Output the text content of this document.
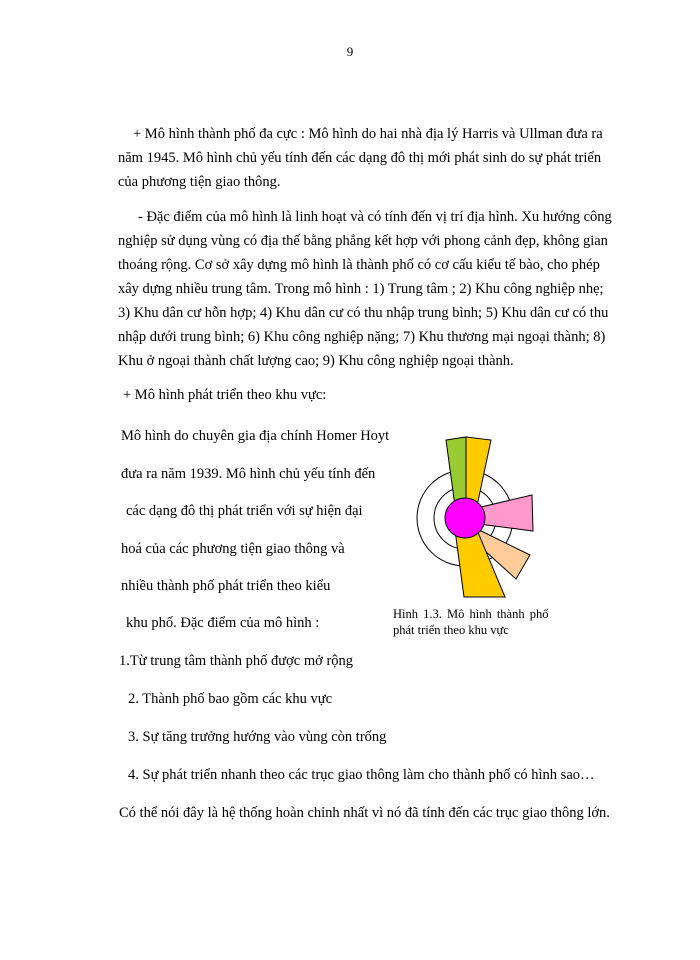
9
+ Mô hình thành phố đa cực : Mô hình do hai nhà địa lý Harris và Ullman đưa ra
năm 1945. Mô hình chủ yếu tính đến các dạng đô thị mới phát sinh do sự phát triển
của phương tiện giao thông.
- Đặc điểm của mô hình là linh hoạt và có tính đến vị trí địa hình. Xu hướng công
nghiệp sử dụng vùng có địa thế bằng phẳng kết hợp với phong cảnh đẹp, không gian
thoáng rộng. Cơ sở xây dựng mô hình là thành phố có cơ cấu kiểu tế bào, cho phép
xây dựng nhiều trung tâm. Trong mô hình : 1) Trung tâm ; 2) Khu công nghiệp nhẹ;
3) Khu dân cư hỗn hợp; 4) Khu dân cư có thu nhập trung bình; 5) Khu dân cư có thu
nhập dưới trung bình; 6) Khu công nghiệp nặng; 7) Khu thương mại ngoại thành; 8)
Khu ở ngoại thành chất lượng cao; 9) Khu công nghiệp ngoại thành.
+ Mô hình phát triển theo khu vực:
Mô hình do chuyên gia địa chính Homer Hoyt
đưa ra năm 1939. Mô hình chủ yếu tính đến
các dạng đô thị phát triển với sự hiện đại
hoá của các phương tiện giao thông và
nhiều thành phố phát triển theo kiểu
khu phố. Đặc điểm của mô hình :
Hình 1.3. Mô hình thành phố
phát triển theo khu vực
1.Từ trung tâm thành phố được mở rộng
2. Thành phố bao gồm các khu vực
3. Sự tăng trưởng hướng vào vùng còn trống
4. Sự phát triển nhanh theo các trục giao thông làm cho thành phố có hình sao…
Có thể nói đây là hệ thống hoàn chỉnh nhất vì nó đã tính đến các trục giao thông lớn.
